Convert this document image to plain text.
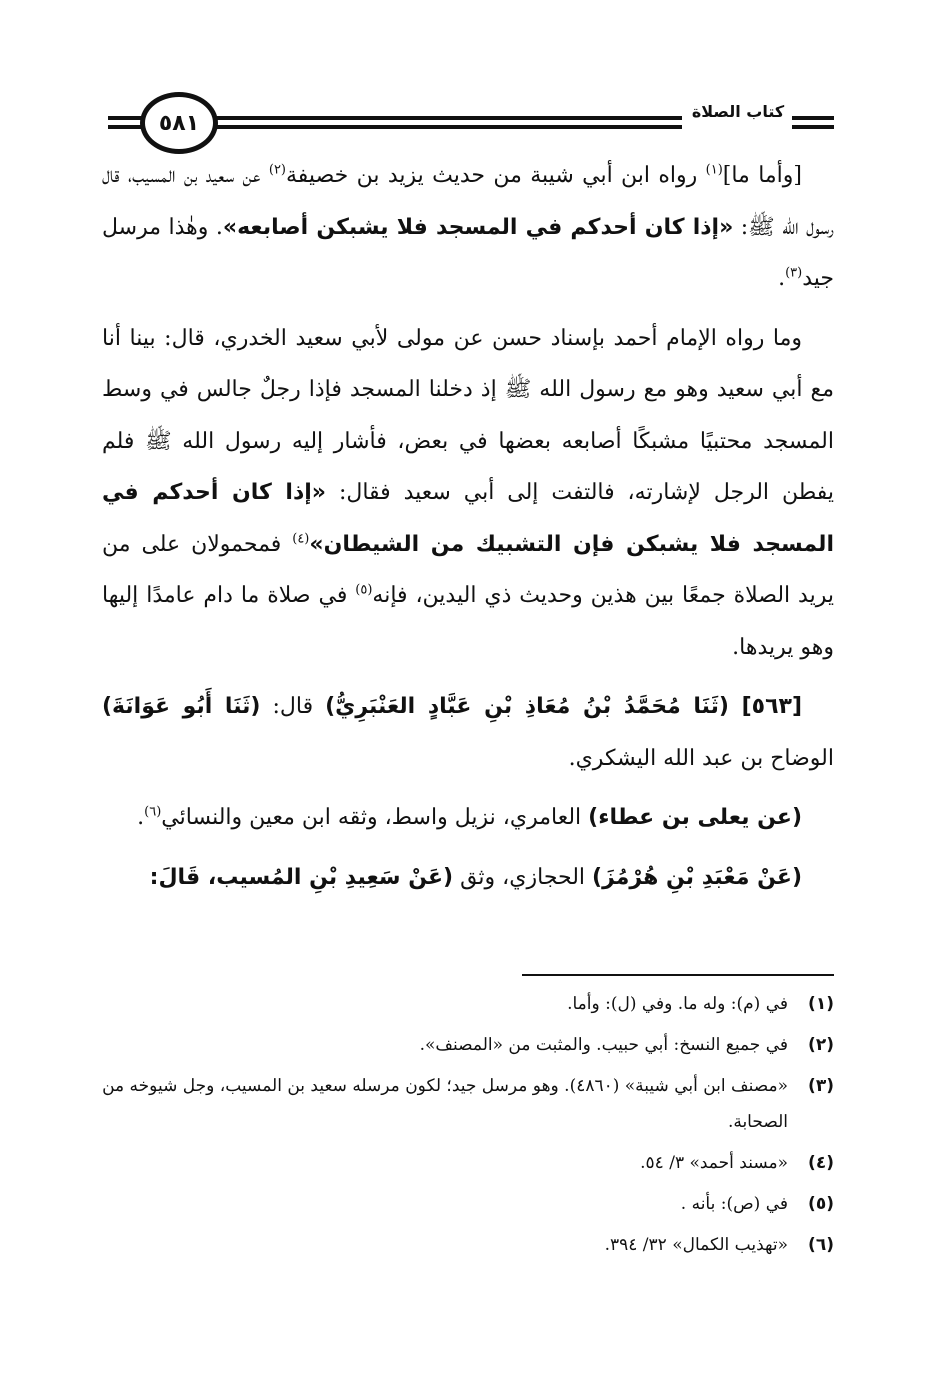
٥٨١	كتاب الصلاة

[وأما ما]$^{(١)}$ رواه ابن أبي شيبة من حديث يزيد بن خصيفة$^{(٢)}$ عن سعيد بن المسيب، قال رسول الله ﷺ: «إذا كان أحدكم في المسجد فلا يشبكن أصابعه». وهٰذا مرسل جيد$^{(٣)}$.

وما رواه الإمام أحمد بإسناد حسن عن مولى لأبي سعيد الخدري، قال: بينا أنا مع أبي سعيد وهو مع رسول الله ﷺ إذ دخلنا المسجد فإذا رجلٌ جالس في وسط المسجد محتبيًا مشبكًا أصابعه بعضها في بعض، فأشار إليه رسول الله ﷺ فلم يفطن الرجل لإشارته، فالتفت إلى أبي سعيد فقال: «إذا كان أحدكم في المسجد فلا يشبكن فإن التشبيك من الشيطان»$^{(٤)}$ فمحمولان على من يريد الصلاة جمعًا بين هذين وحديث ذي اليدين، فإنه$^{(٥)}$ في صلاة ما دام عامدًا إليها وهو يريدها.

[٥٦٣] (ثَنَا مُحَمَّدُ بْنُ مُعَاذِ بْنِ عَبَّادٍ العَنْبَرِيُّ) قال: (ثَنَا أَبُو عَوَانَةَ) الوضاح بن عبد الله اليشكري.

(عن يعلى بن عطاء) العامري، نزيل واسط، وثقه ابن معين والنسائي$^{(٦)}$.

(عَنْ مَعْبَدِ بْنِ هُرْمُزَ) الحجازي، وثق (عَنْ سَعِيدِ بْنِ المُسيب، قَالَ:

(١)
في (م): وله ما. وفي (ل): وأما.
(٢)
في جميع النسخ: أبي حبيب. والمثبت من «المصنف».
(٣)
«مصنف ابن أبي شيبة» (٤٨٦٠). وهو مرسل جيد؛ لكون مرسله سعيد بن المسيب، وجل شيوخه من الصحابة.
(٤)
«مسند أحمد» ٣/ ٥٤.
(٥)
في (ص): بأنه .
(٦)
«تهذيب الكمال» ٣٢/ ٣٩٤.
